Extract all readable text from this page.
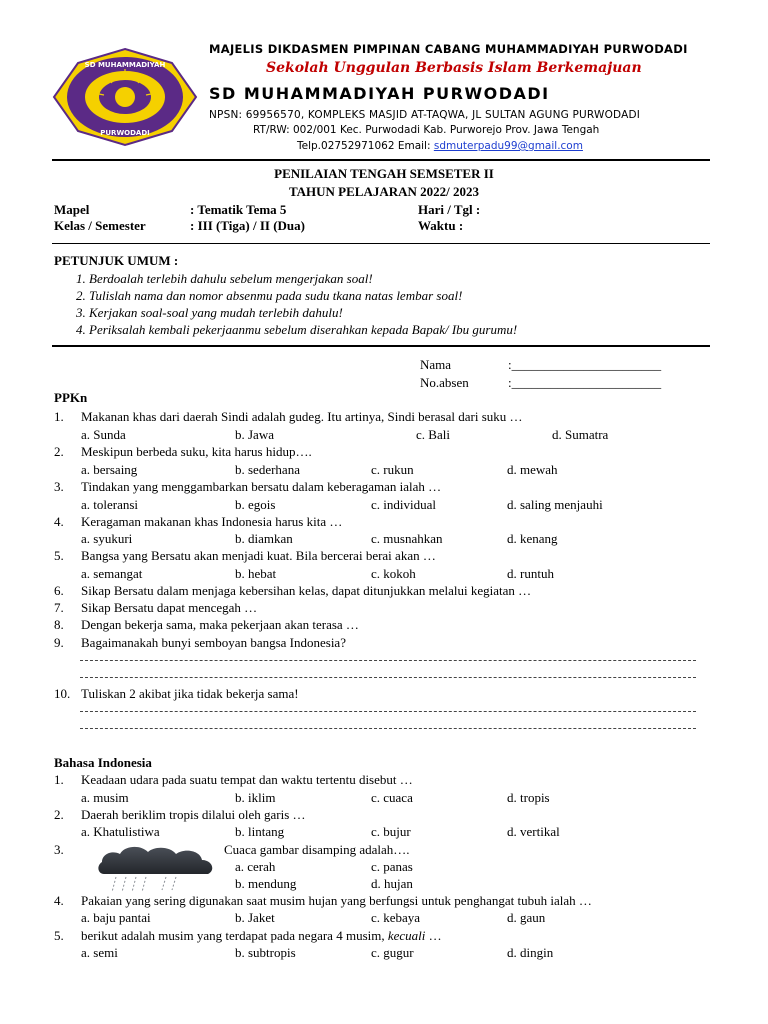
SD MUHAMMADIYAH
PURWODADI
MAJELIS DIKDASMEN PIMPINAN CABANG MUHAMMADIYAH PURWODADI
Sekolah Unggulan Berbasis Islam Berkemajuan
SD MUHAMMADIYAH PURWODADI
NPSN: 69956570, KOMPLEKS MASJID AT-TAQWA, JL SULTAN AGUNG PURWODADI
RT/RW: 002/001 Kec. Purwodadi Kab. Purworejo Prov. Jawa Tengah
Telp.02752971062 Email: sdmuterpadu99@gmail.com
PENILAIAN TENGAH SEMSETER II
TAHUN PELAJARAN 2022/ 2023
Mapel	: Tematik Tema 5	Hari / Tgl :
Kelas / Semester	: III (Tiga) / II (Dua)	Waktu :
PETUNJUK UMUM :
1. Berdoalah terlebih dahulu sebelum mengerjakan soal!
2. Tulislah nama dan nomor absenmu pada sudu tkana natas lembar soal!
3. Kerjakan soal-soal yang mudah terlebih dahulu!
4. Periksalah kembali pekerjaanmu sebelum diserahkan kepada Bapak/ Ibu gurumu!
Nama	:_______________________
No.absen	:_______________________
PPKn
1. Makanan khas dari daerah Sindi adalah gudeg. Itu artinya, Sindi berasal dari suku …
a. Sunda	b. Jawa	c. Bali	d. Sumatra
2. Meskipun berbeda suku, kita harus hidup….
a. bersaing	b. sederhana	c. rukun	d. mewah
3. Tindakan yang menggambarkan bersatu dalam keberagaman ialah …
a. toleransi	b. egois	c. individual	d. saling menjauhi
4. Keragaman makanan khas Indonesia harus kita …
a. syukuri	b. diamkan	c. musnahkan	d. kenang
5. Bangsa yang Bersatu akan menjadi kuat. Bila bercerai berai akan …
a. semangat	b. hebat	c. kokoh	d. runtuh
6. Sikap Bersatu dalam menjaga kebersihan kelas, dapat ditunjukkan melalui kegiatan …
7. Sikap Bersatu dapat mencegah …
8. Dengan bekerja sama, maka pekerjaan akan terasa …
9. Bagaimanakah bunyi semboyan bangsa Indonesia?
10. Tuliskan 2 akibat jika tidak bekerja sama!
Bahasa Indonesia
1. Keadaan udara pada suatu tempat dan waktu tertentu disebut …
a. musim	b. iklim	c. cuaca	d. tropis
2. Daerah beriklim tropis dilalui oleh garis …
a. Khatulistiwa	b. lintang	c. bujur	d. vertikal
3.	Cuaca gambar disamping adalah….
a. cerah	c. panas
b. mendung	d. hujan
4. Pakaian yang sering digunakan saat musim hujan yang berfungsi untuk penghangat tubuh ialah …
a. baju pantai	b. Jaket	c. kebaya	d. gaun
5. berikut adalah musim yang terdapat pada negara 4 musim, kecuali …
a. semi	b. subtropis	c. gugur	d. dingin
